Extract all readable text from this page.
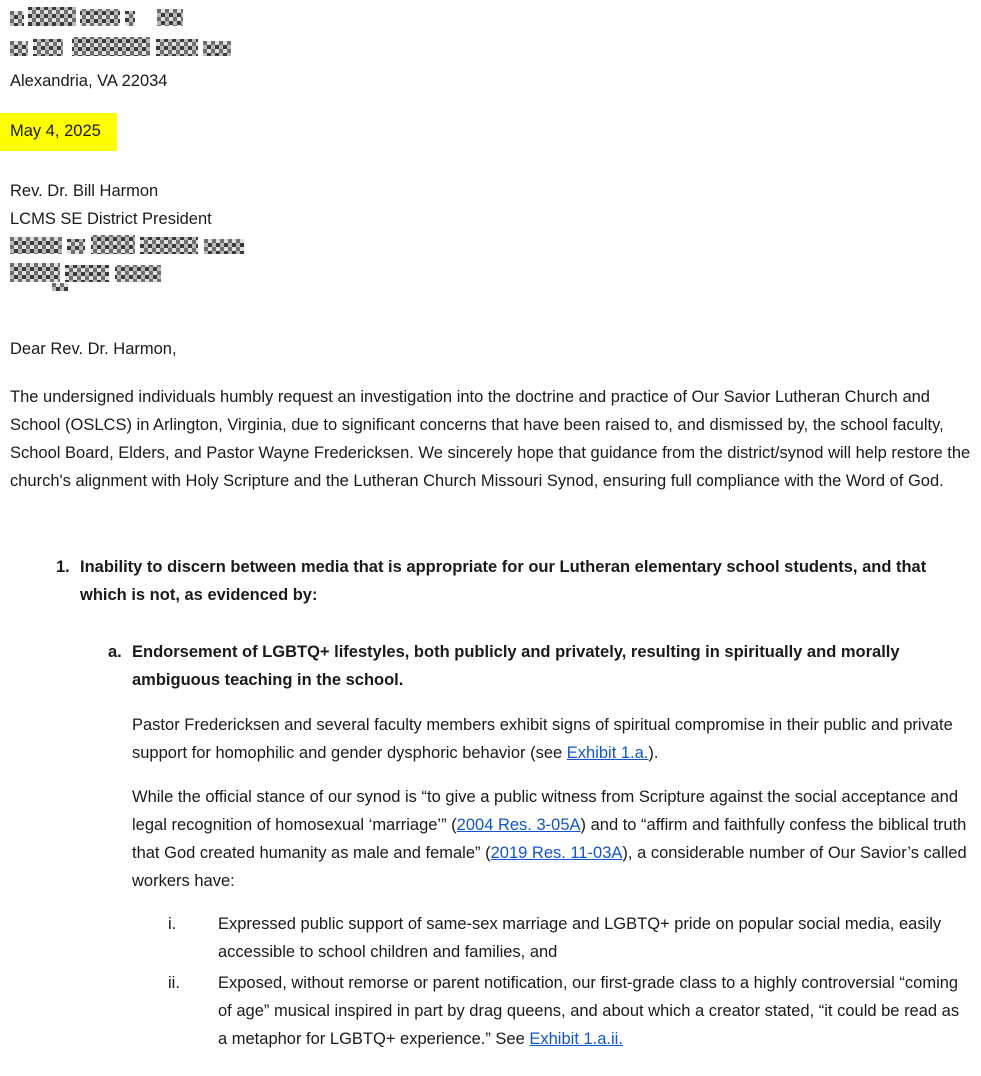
Alexandria, VA 22034
May 4, 2025
Rev. Dr. Bill Harmon
LCMS SE District President

Dear Rev. Dr. Harmon,

The undersigned individuals humbly request an investigation into the doctrine and practice of Our Savior Lutheran Church and School (OSLCS) in Arlington, Virginia, due to significant concerns that have been raised to, and dismissed by, the school faculty, School Board, Elders, and Pastor Wayne Fredericksen. We sincerely hope that guidance from the district/synod will help restore the church's alignment with Holy Scripture and the Lutheran Church Missouri Synod, ensuring full compliance with the Word of God.

1. Inability to discern between media that is appropriate for our Lutheran elementary school students, and that which is not, as evidenced by:
a. Endorsement of LGBTQ+ lifestyles, both publicly and privately, resulting in spiritually and morally ambiguous teaching in the school.

Pastor Fredericksen and several faculty members exhibit signs of spiritual compromise in their public and private support for homophilic and gender dysphoric behavior (see Exhibit 1.a.).

While the official stance of our synod is “to give a public witness from Scripture against the social acceptance and legal recognition of homosexual ‘marriage’” (2004 Res. 3-05A) and to “affirm and faithfully confess the biblical truth that God created humanity as male and female” (2019 Res. 11-03A), a considerable number of Our Savior’s called workers have:

i.	Expressed public support of same-sex marriage and LGBTQ+ pride on popular social media, easily accessible to school children and families, and
ii.	Exposed, without remorse or parent notification, our first-grade class to a highly controversial “coming of age” musical inspired in part by drag queens, and about which a creator stated, “it could be read as a metaphor for LGBTQ+ experience.” See Exhibit 1.a.ii.
